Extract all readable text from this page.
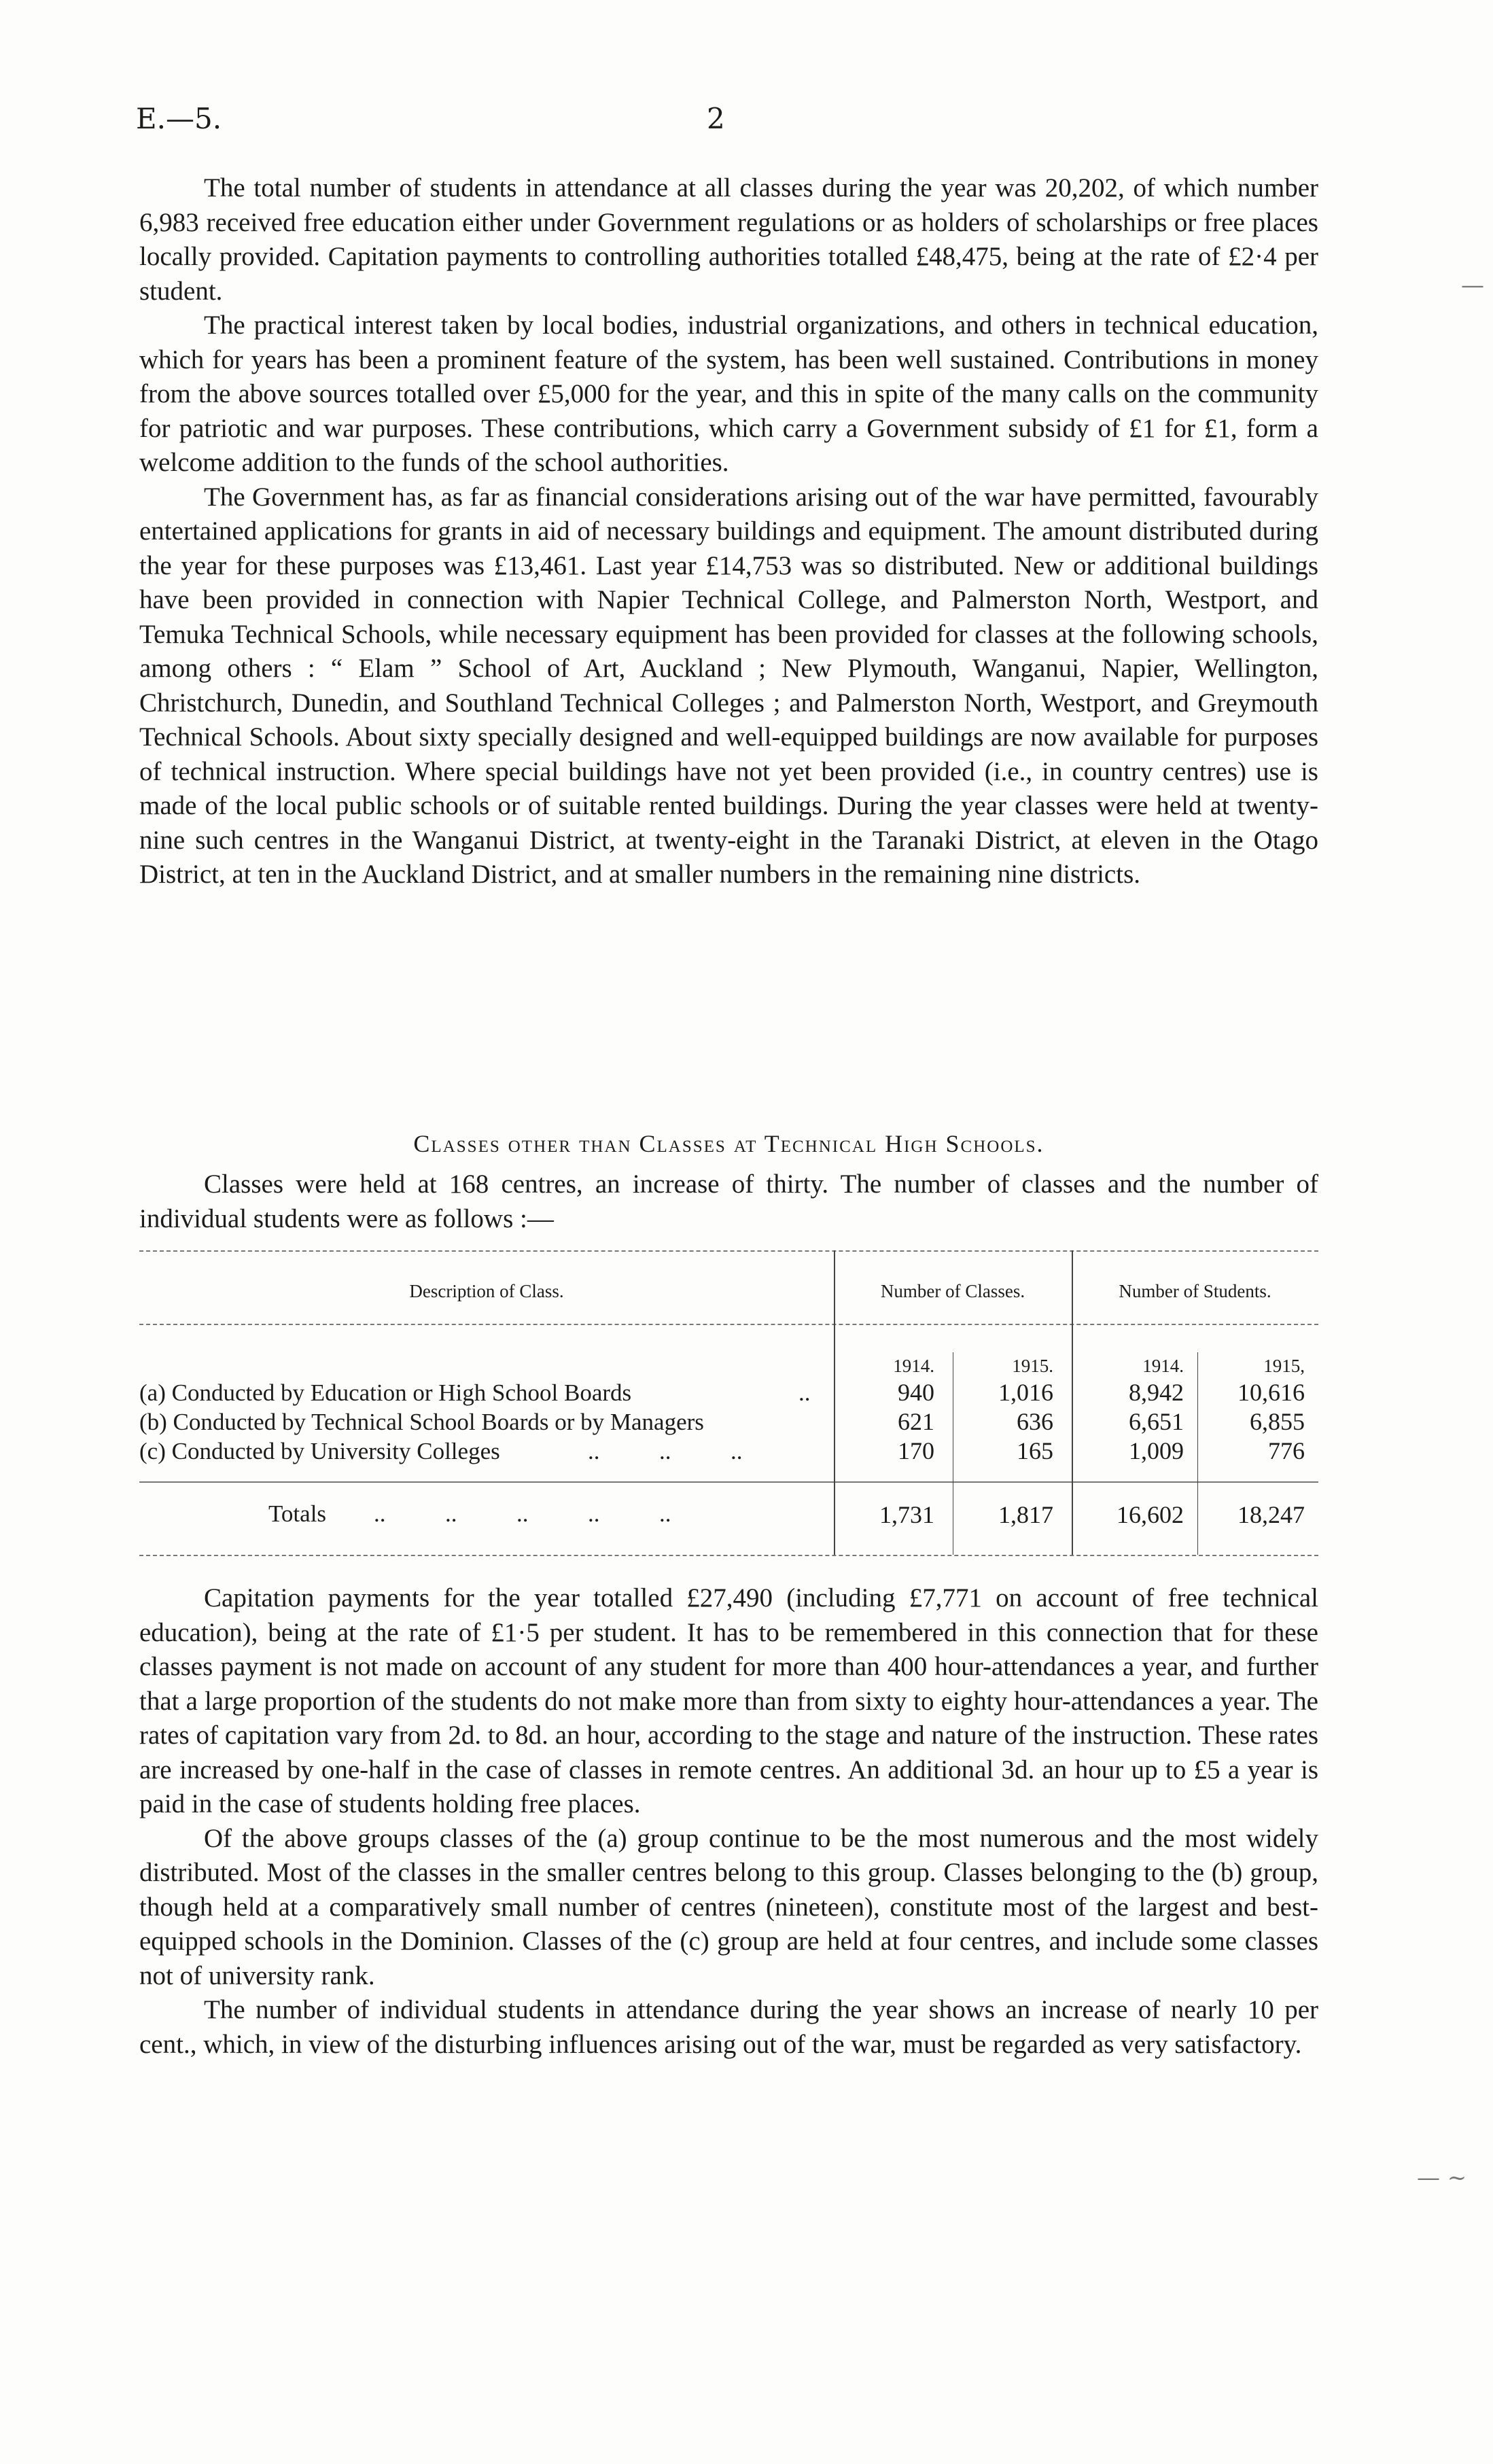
E.—5.	2

The total number of students in attendance at all classes during the year was 20,202, of which number 6,983 received free education either under Government regulations or as holders of scholarships or free places locally provided. Capitation payments to controlling authorities totalled £48,475, being at the rate of £2·4 per student.

The practical interest taken by local bodies, industrial organizations, and others in technical education, which for years has been a prominent feature of the system, has been well sustained. Contributions in money from the above sources totalled over £5,000 for the year, and this in spite of the many calls on the community for patriotic and war purposes. These contributions, which carry a Government subsidy of £1 for £1, form a welcome addition to the funds of the school authorities.

The Government has, as far as financial considerations arising out of the war have permitted, favourably entertained applications for grants in aid of necessary buildings and equipment. The amount distributed during the year for these purposes was £13,461. Last year £14,753 was so distributed. New or additional buildings have been provided in connection with Napier Technical College, and Palmerston North, Westport, and Temuka Technical Schools, while necessary equipment has been provided for classes at the following schools, among others : “ Elam ” School of Art, Auckland ; New Plymouth, Wanganui, Napier, Wellington, Christchurch, Dunedin, and Southland Technical Colleges ; and Palmerston North, Westport, and Greymouth Technical Schools. About sixty specially designed and well-equipped buildings are now available for purposes of technical instruction. Where special buildings have not yet been provided (i.e., in country centres) use is made of the local public schools or of suitable rented buildings. During the year classes were held at twenty-nine such centres in the Wanganui District, at twenty-eight in the Taranaki District, at eleven in the Otago District, at ten in the Auckland District, and at smaller numbers in the remaining nine districts.

Classes other than Classes at Technical High Schools.

Classes were held at 168 centres, an increase of thirty. The number of classes and the number of individual students were as follows :—

Description of Class.	Number of Classes.	Number of Students.
1914.	1915.	1914.	1915,
(a) Conducted by Education or High School Boards	..	940	1,016	8,942	10,616
(b) Conducted by Technical School Boards or by Managers	621	636	6,651	6,855
(c) Conducted by University Colleges	..          ..          ..	170	165	1,009	776
Totals ..          ..          ..          ..          ..	1,731	1,817	16,602	18,247

Capitation payments for the year totalled £27,490 (including £7,771 on account of free technical education), being at the rate of £1·5 per student. It has to be remembered in this connection that for these classes payment is not made on account of any student for more than 400 hour-attendances a year, and further that a large proportion of the students do not make more than from sixty to eighty hour-attendances a year. The rates of capitation vary from 2d. to 8d. an hour, according to the stage and nature of the instruction. These rates are increased by one-half in the case of classes in remote centres. An additional 3d. an hour up to £5 a year is paid in the case of students holding free places.

Of the above groups classes of the (a) group continue to be the most numerous and the most widely distributed. Most of the classes in the smaller centres belong to this group. Classes belonging to the (b) group, though held at a comparatively small number of centres (nineteen), constitute most of the largest and best-equipped schools in the Dominion. Classes of the (c) group are held at four centres, and include some classes not of university rank.

The number of individual students in attendance during the year shows an increase of nearly 10 per cent., which, in view of the disturbing influences arising out of the war, must be regarded as very satisfactory.

—
— ~
